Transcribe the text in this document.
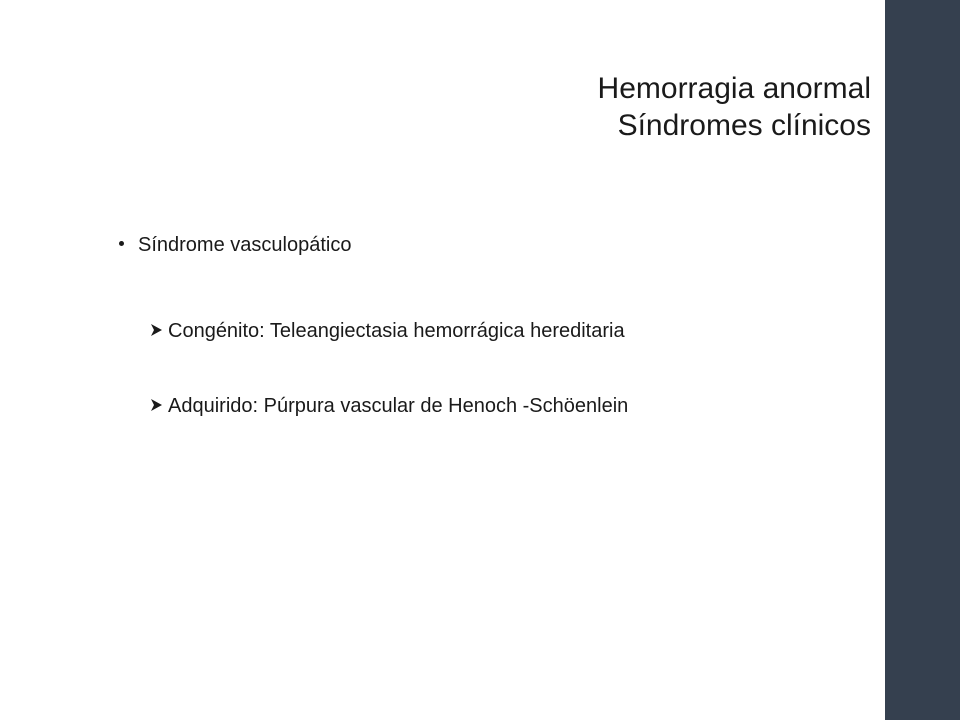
Hemorragia anormal
Síndromes clínicos
Síndrome vasculopático
Congénito: Teleangiectasia hemorrágica hereditaria
Adquirido: Púrpura vascular de Henoch -Schöenlein
